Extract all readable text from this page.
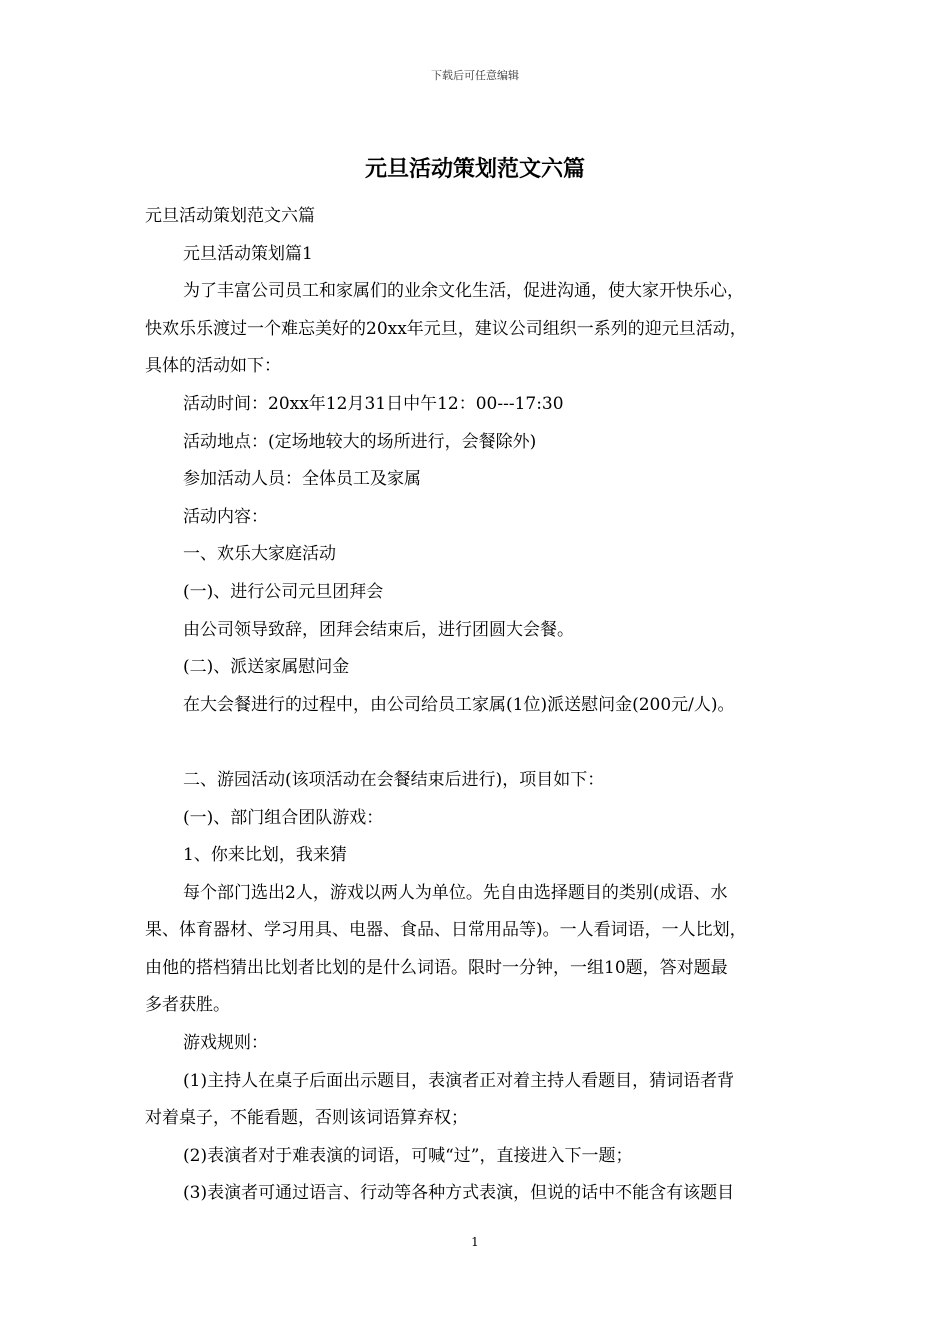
下载后可任意编辑
元旦活动策划范文六篇
元旦活动策划范文六篇
元旦活动策划篇1
为了丰富公司员工和家属们的业余文化生活，促进沟通，使大家开快乐心，
快欢乐乐渡过一个难忘美好的20xx年元旦，建议公司组织一系列的迎元旦活动，
具体的活动如下：
活动时间：20xx年12月31日中午12：00---17:30
活动地点：(定场地较大的场所进行，会餐除外)
参加活动人员：全体员工及家属
活动内容：
一、欢乐大家庭活动
(一)、进行公司元旦团拜会
由公司领导致辞，团拜会结束后，进行团圆大会餐。
(二)、派送家属慰问金
在大会餐进行的过程中，由公司给员工家属(1位)派送慰问金(200元/人)。
二、游园活动(该项活动在会餐结束后进行)，项目如下：
(一)、部门组合团队游戏：
1、你来比划，我来猜
每个部门选出2人，游戏以两人为单位。先自由选择题目的类别(成语、水
果、体育器材、学习用具、电器、食品、日常用品等)。一人看词语，一人比划，
由他的搭档猜出比划者比划的是什么词语。限时一分钟，一组10题，答对题最
多者获胜。
游戏规则：
(1)主持人在桌子后面出示题目，表演者正对着主持人看题目，猜词语者背
对着桌子，不能看题，否则该词语算弃权；
(2)表演者对于难表演的词语，可喊“过”，直接进入下一题；
(3)表演者可通过语言、行动等各种方式表演，但说的话中不能含有该题目
1
